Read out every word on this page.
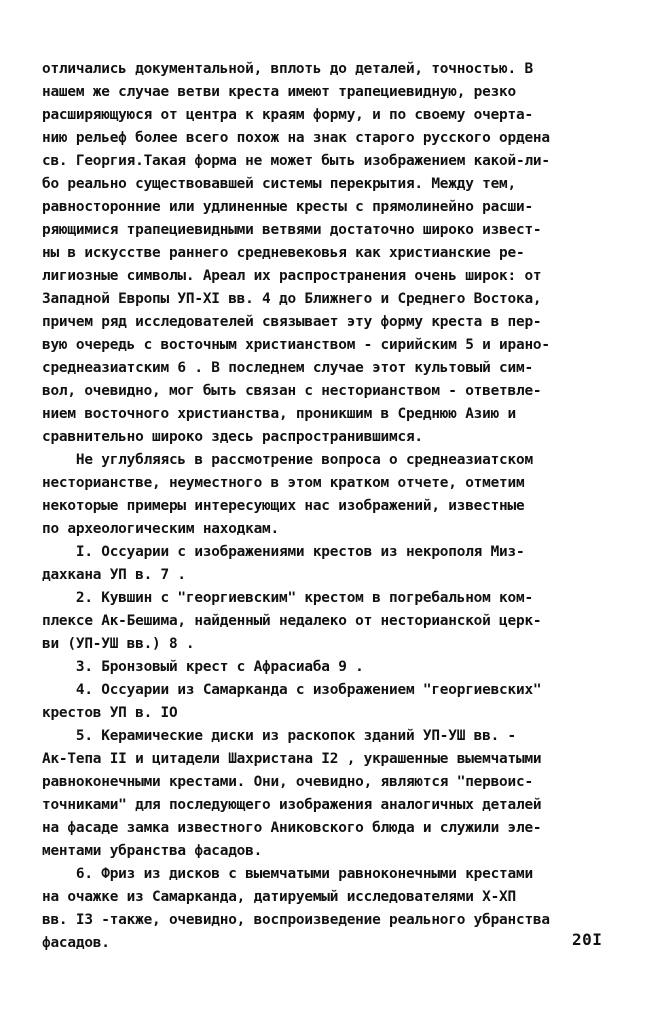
отличались документальной, вплоть до деталей, точностью. В
нашем же случае ветви креста имеют трапециевидную, резко
расширяющуюся от центра к краям форму, и по своему очерта-
нию рельеф более всего похож на знак старого русского ордена
св. Георгия.Такая форма не может быть изображением какой-ли-
бо реально существовавшей системы перекрытия. Между тем,
равносторонние или удлиненные кресты с прямолинейно расши-
ряющимися трапециевидными ветвями достаточно широко извест-
ны в искусстве раннего средневековья как христианские ре-
лигиозные символы. Ареал их распространения очень широк: от
Западной Европы УП-XI вв. 4 до Ближнего и Среднего Востока,
причем ряд исследователей связывает эту форму креста в пер-
вую очередь с восточным христианством - сирийским 5 и ирано-
среднеазиатским 6 . В последнем случае этот культовый сим-
вол, очевидно, мог быть связан с несторианством - ответвле-
нием восточного христианства, проникшим в Среднюю Азию и
сравнительно широко здесь распространившимся.
Не углубляясь в рассмотрение вопроса о среднеазиатском
несторианстве, неуместного в этом кратком отчете, отметим
некоторые примеры интересующих нас изображений, известные
по археологическим находкам.
I. Оссуарии с изображениями крестов из некрополя Миз-
дахкана УП в. 7 .
2. Кувшин с "георгиевским" крестом в погребальном ком-
плексе Ак-Бешима, найденный недалеко от несторианской церк-
ви (УП-УШ вв.) 8 .
3. Бронзовый крест с Афрасиаба 9 .
4. Оссуарии из Самарканда с изображением "георгиевских"
крестов УП в. IO
5. Керамические диски из раскопок зданий УП-УШ вв. -
Ак-Тепа II и цитадели Шахристана I2 , украшенные выемчатыми
равноконечными крестами. Они, очевидно, являются "первоис-
точниками" для последующего изображения аналогичных деталей
на фасаде замка известного Аниковского блюда и служили эле-
ментами убранства фасадов.
6. Фриз из дисков с выемчатыми равноконечными крестами
на очажке из Самарканда, датируемый исследователями Х-ХП
вв. I3 -также, очевидно, воспроизведение реального убранства
фасадов.	20I
